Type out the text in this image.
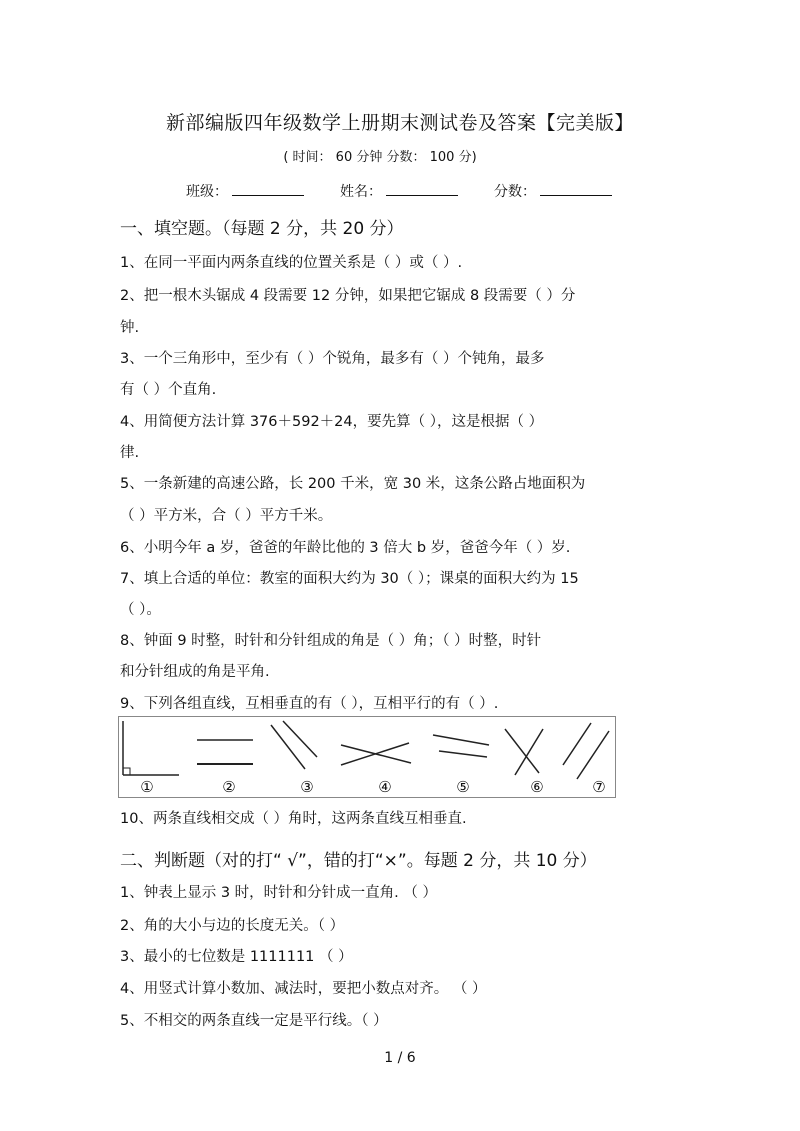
新部编版四年级数学上册期末测试卷及答案【完美版】
( 时间： 60 分钟 分数： 100 分)
班级：	姓名：	分数：
一、填空题。（每题 2 分，共 20 分）
1、在同一平面内两条直线的位置关系是（ ）或（ ）.
2、把一根木头锯成 4 段需要 12 分钟，如果把它锯成 8 段需要（ ）分
钟.
3、一个三角形中，至少有（ ）个锐角，最多有（ ）个钝角，最多
有（ ）个直角.
4、用简便方法计算 376＋592＋24，要先算（ ），这是根据（ ）
律.
5、一条新建的高速公路，长 200 千米，宽 30 米，这条公路占地面积为
（ ）平方米，合（ ）平方千米。
6、小明今年 a 岁，爸爸的年龄比他的 3 倍大 b 岁，爸爸今年（ ）岁.
7、填上合适的单位：教室的面积大约为 30（ ）；课桌的面积大约为 15
（ ）。
8、钟面 9 时整，时针和分针组成的角是（ ）角；（ ）时整，时针
和分针组成的角是平角.
9、下列各组直线，互相垂直的有（ ），互相平行的有（ ）.
①	②	③	④	⑤	⑥	⑦
10、两条直线相交成（ ）角时，这两条直线互相垂直.
二、判断题（对的打“ √”，错的打“×”。每题 2 分，共 10 分）
1、钟表上显示 3 时，时针和分针成一直角. （ ）
2、角的大小与边的长度无关。（ ）
3、最小的七位数是 1111111 （ ）
4、用竖式计算小数加、减法时，要把小数点对齐。 （ ）
5、不相交的两条直线一定是平行线。（ ）
1 / 6
